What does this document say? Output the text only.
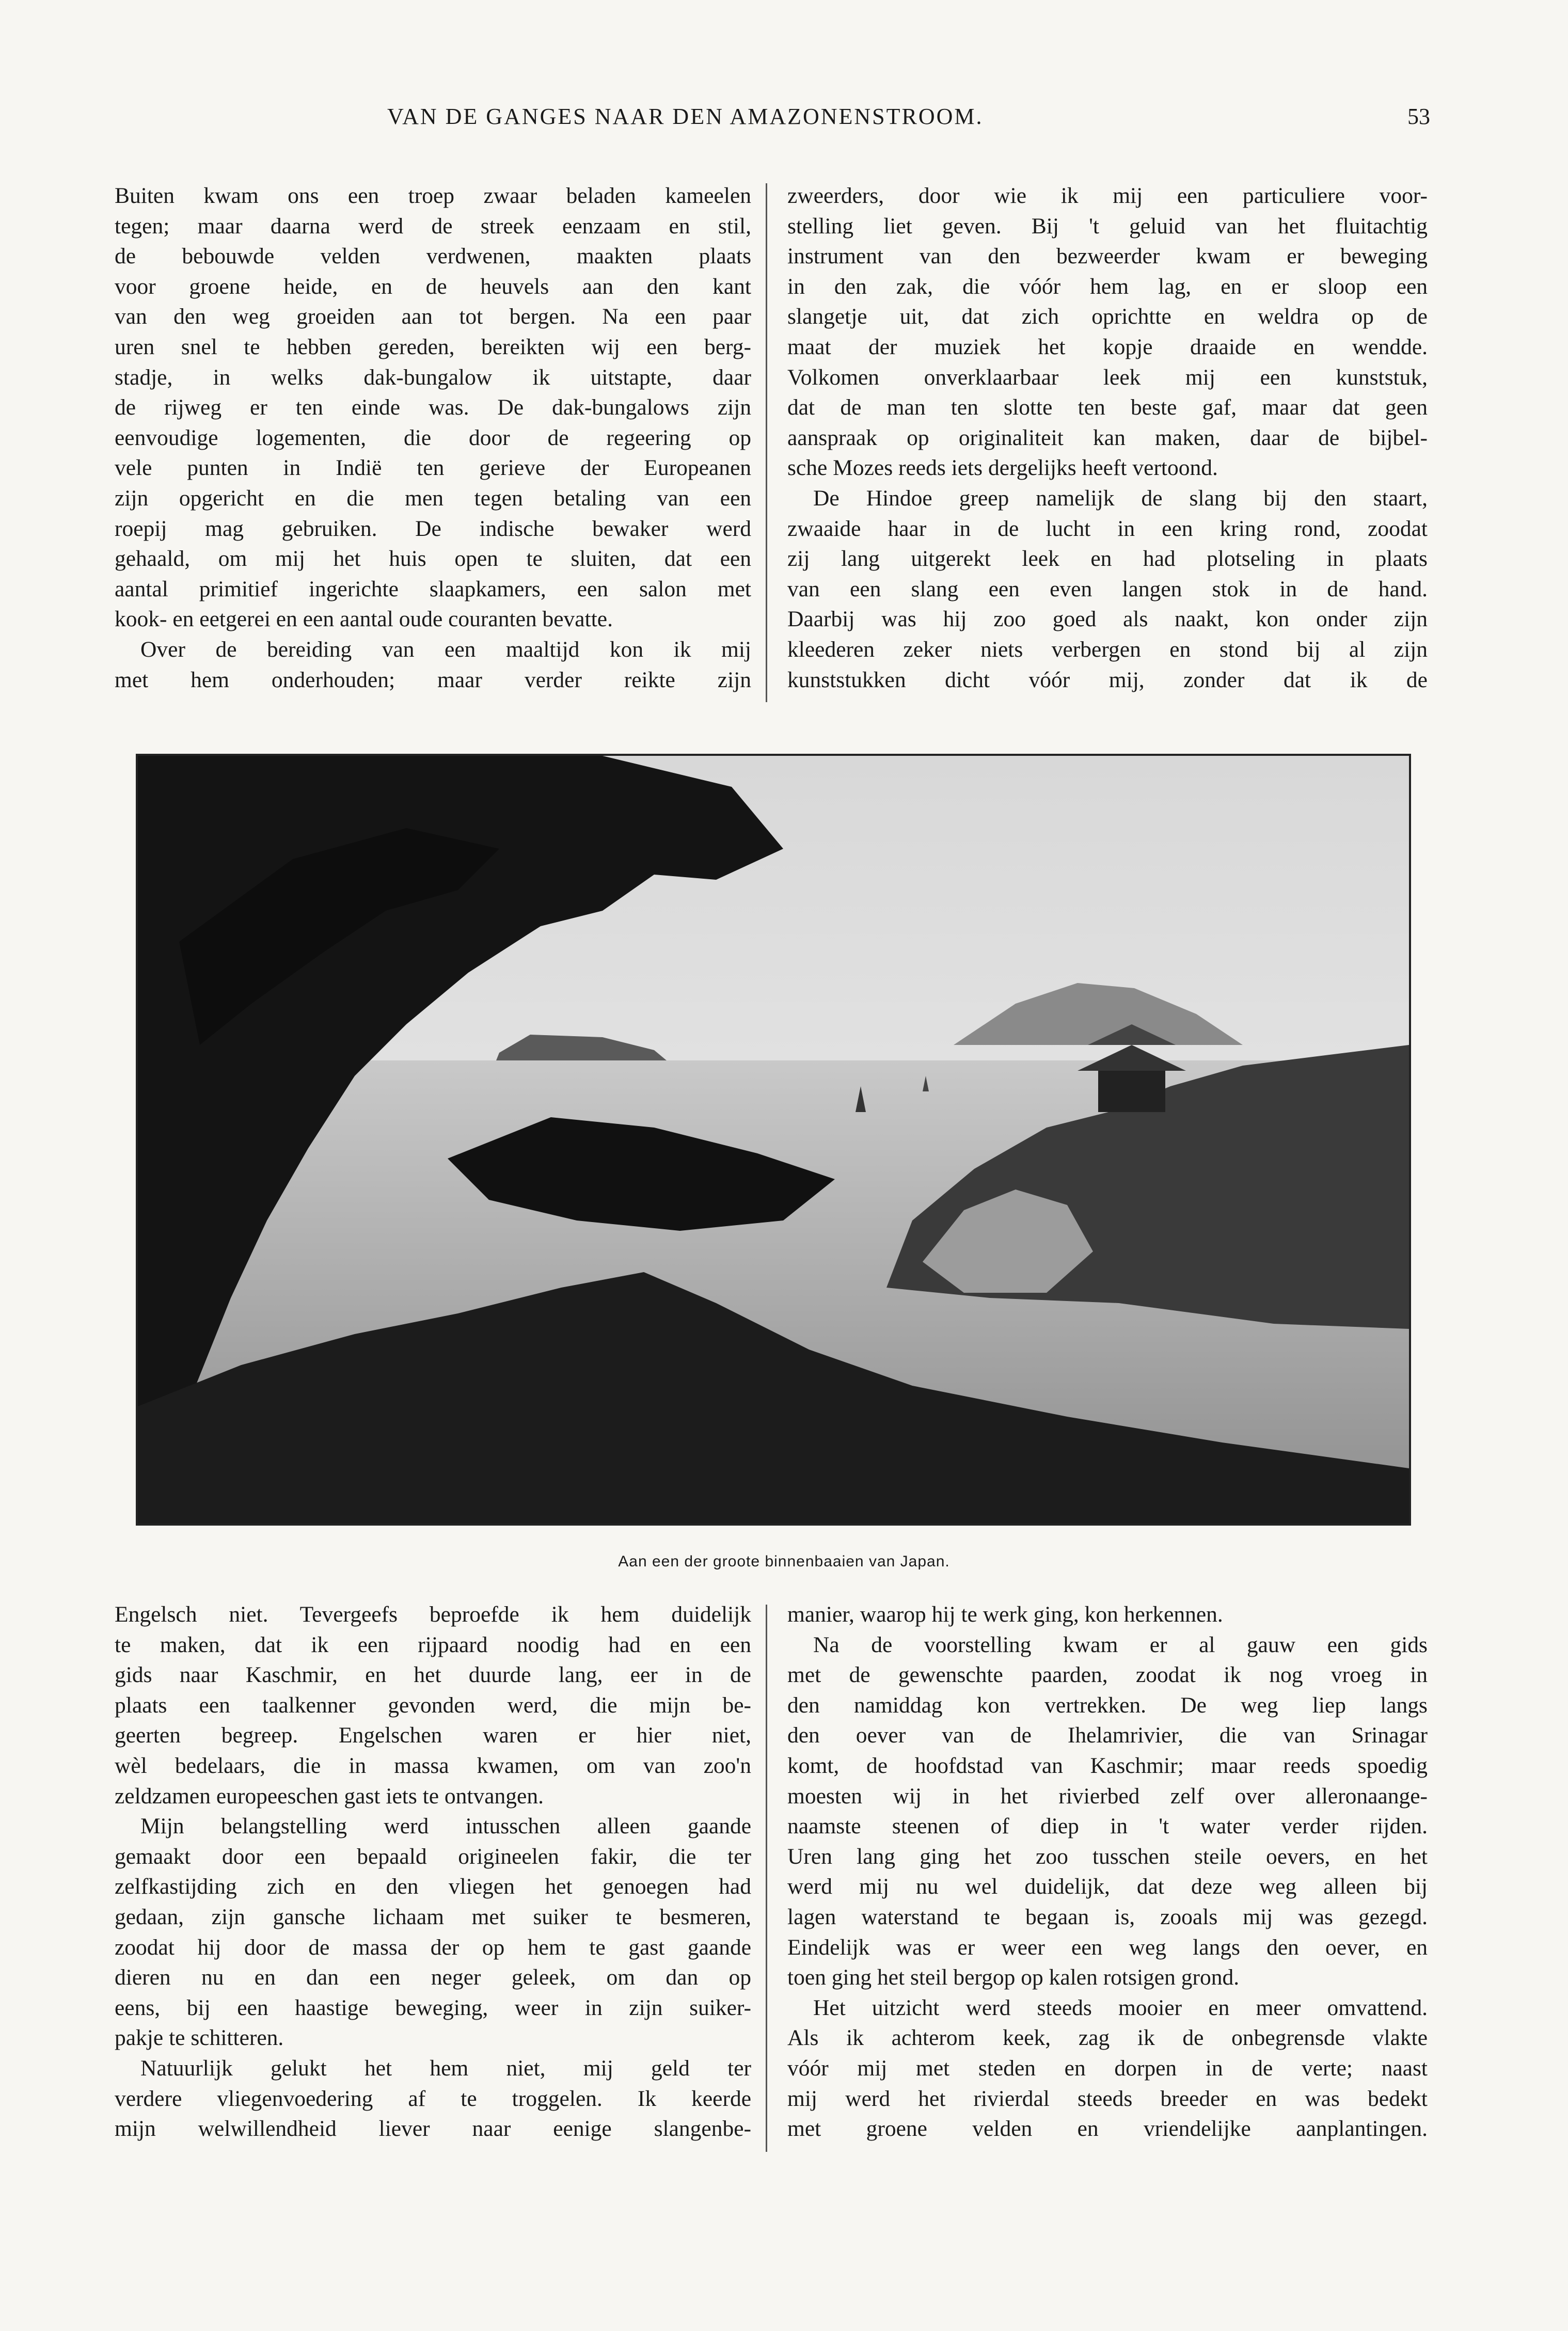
VAN DE GANGES NAAR DEN AMAZONENSTROOM.	53
Buiten kwam ons een troep zwaar beladen kameelen
tegen; maar daarna werd de streek eenzaam en stil,
de bebouwde velden verdwenen, maakten plaats
voor groene heide, en de heuvels aan den kant
van den weg groeiden aan tot bergen. Na een paar
uren snel te hebben gereden, bereikten wij een berg-
stadje, in welks dak-bungalow ik uitstapte, daar
de rijweg er ten einde was. De dak-bungalows zijn
eenvoudige logementen, die door de regeering op
vele punten in Indië ten gerieve der Europeanen
zijn opgericht en die men tegen betaling van een
roepij mag gebruiken. De indische bewaker werd
gehaald, om mij het huis open te sluiten, dat een
aantal primitief ingerichte slaapkamers, een salon met
kook- en eetgerei en een aantal oude couranten bevatte.
Over de bereiding van een maaltijd kon ik mij
met hem onderhouden; maar verder reikte zijn
zweerders, door wie ik mij een particuliere voor-
stelling liet geven. Bij 't geluid van het fluitachtig
instrument van den bezweerder kwam er beweging
in den zak, die vóór hem lag, en er sloop een
slangetje uit, dat zich oprichtte en weldra op de
maat der muziek het kopje draaide en wendde.
Volkomen onverklaarbaar leek mij een kunststuk,
dat de man ten slotte ten beste gaf, maar dat geen
aanspraak op originaliteit kan maken, daar de bijbel-
sche Mozes reeds iets dergelijks heeft vertoond.
De Hindoe greep namelijk de slang bij den staart,
zwaaide haar in de lucht in een kring rond, zoodat
zij lang uitgerekt leek en had plotseling in plaats
van een slang een even langen stok in de hand.
Daarbij was hij zoo goed als naakt, kon onder zijn
kleederen zeker niets verbergen en stond bij al zijn
kunststukken dicht vóór mij, zonder dat ik de
Aan een der groote binnenbaaien van Japan.
Engelsch niet. Tevergeefs beproefde ik hem duidelijk
te maken, dat ik een rijpaard noodig had en een
gids naar Kaschmir, en het duurde lang, eer in de
plaats een taalkenner gevonden werd, die mijn be-
geerten begreep. Engelschen waren er hier niet,
wèl bedelaars, die in massa kwamen, om van zoo'n
zeldzamen europeeschen gast iets te ontvangen.
Mijn belangstelling werd intusschen alleen gaande
gemaakt door een bepaald origineelen fakir, die ter
zelfkastijding zich en den vliegen het genoegen had
gedaan, zijn gansche lichaam met suiker te besmeren,
zoodat hij door de massa der op hem te gast gaande
dieren nu en dan een neger geleek, om dan op
eens, bij een haastige beweging, weer in zijn suiker-
pakje te schitteren.
Natuurlijk gelukt het hem niet, mij geld ter
verdere vliegenvoedering af te troggelen. Ik keerde
mijn welwillendheid liever naar eenige slangenbe-
manier, waarop hij te werk ging, kon herkennen.
Na de voorstelling kwam er al gauw een gids
met de gewenschte paarden, zoodat ik nog vroeg in
den namiddag kon vertrekken. De weg liep langs
den oever van de Ihelamrivier, die van Srinagar
komt, de hoofdstad van Kaschmir; maar reeds spoedig
moesten wij in het rivierbed zelf over alleronaange-
naamste steenen of diep in 't water verder rijden.
Uren lang ging het zoo tusschen steile oevers, en het
werd mij nu wel duidelijk, dat deze weg alleen bij
lagen waterstand te begaan is, zooals mij was gezegd.
Eindelijk was er weer een weg langs den oever, en
toen ging het steil bergop op kalen rotsigen grond.
Het uitzicht werd steeds mooier en meer omvattend.
Als ik achterom keek, zag ik de onbegrensde vlakte
vóór mij met steden en dorpen in de verte; naast
mij werd het rivierdal steeds breeder en was bedekt
met groene velden en vriendelijke aanplantingen.
